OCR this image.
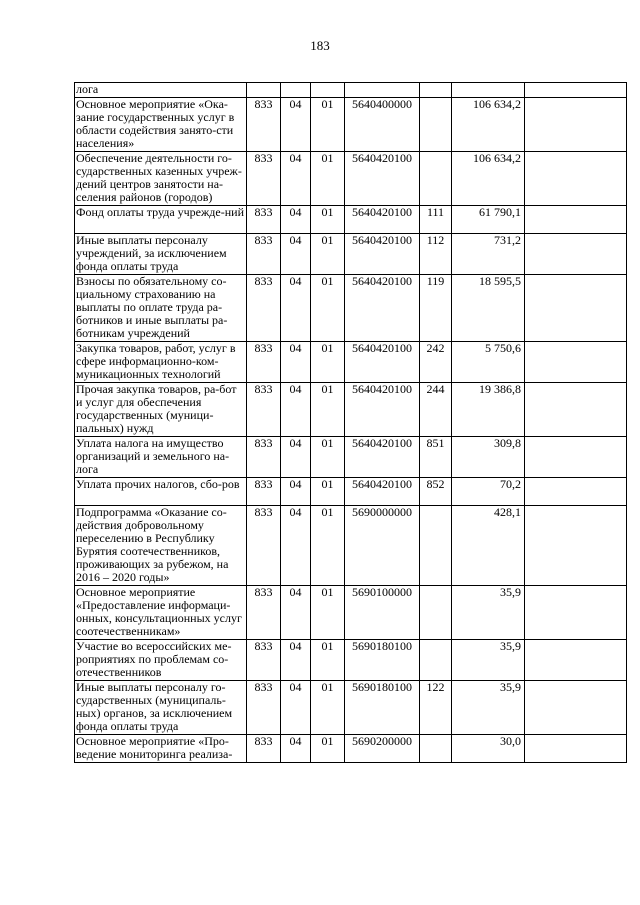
183
лога							
Основное мероприятие «Ока-зание государственных услуг в области содействия занято-сти населения»	833	04	01	5640400000		106 634,2	
Обеспечение деятельности го-сударственных казенных учреж-дений центров занятости на-селения районов (городов)	833	04	01	5640420100		106 634,2	
Фонд оплаты труда учрежде-ний	833	04	01	5640420100	111	61 790,1	
Иные выплаты персоналу учреждений, за исключением фонда оплаты труда	833	04	01	5640420100	112	731,2	
Взносы по обязательному со-циальному страхованию на выплаты по оплате труда ра-ботников и иные выплаты ра-ботникам учреждений	833	04	01	5640420100	119	18 595,5	
Закупка товаров, работ, услуг в сфере информационно-ком-муникационных технологий	833	04	01	5640420100	242	5 750,6	
Прочая закупка товаров, ра-бот и услуг для обеспечения государственных (муници-пальных) нужд	833	04	01	5640420100	244	19 386,8	
Уплата налога на имущество организаций и земельного на-лога	833	04	01	5640420100	851	309,8	
Уплата прочих налогов, сбо-ров	833	04	01	5640420100	852	70,2	
Подпрограмма «Оказание со-действия добровольному переселению в Республику Бурятия соотечественников, проживающих за рубежом, на 2016 – 2020 годы»	833	04	01	5690000000		428,1	
Основное мероприятие «Предоставление информаци-онных, консультационных услуг соотечественникам»	833	04	01	5690100000		35,9	
Участие во всероссийских ме-роприятиях по проблемам со-отечественников	833	04	01	5690180100		35,9	
Иные выплаты персоналу го-сударственных (муниципаль-ных) органов, за исключением фонда оплаты труда	833	04	01	5690180100	122	35,9	
Основное мероприятие «Про-ведение мониторинга реализа-	833	04	01	5690200000		30,0	
